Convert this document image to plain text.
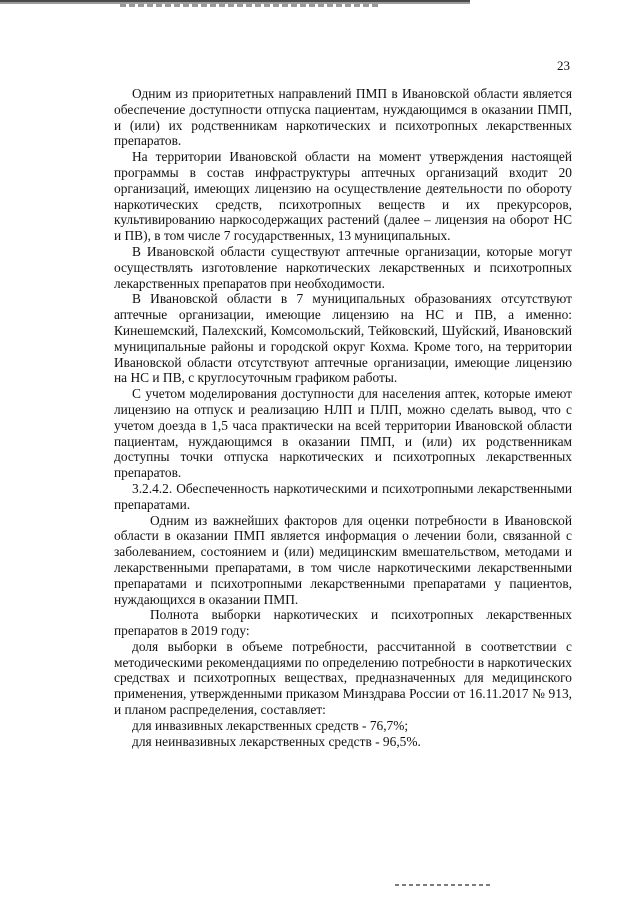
23

Одним из приоритетных направлений ПМП в Ивановской области является обеспечение доступности отпуска пациентам, нуждающимся в оказании ПМП, и (или) их родственникам наркотических и психотропных лекарственных препаратов.

На территории Ивановской области на момент утверждения настоящей программы в состав инфраструктуры аптечных организаций входит 20 организаций, имеющих лицензию на осуществление деятельности по обороту наркотических средств, психотропных веществ и их прекурсоров, культивированию наркосодержащих растений (далее – лицензия на оборот НС и ПВ), в том числе 7 государственных, 13 муниципальных.

В Ивановской области существуют аптечные организации, которые могут осуществлять изготовление наркотических лекарственных и психотропных лекарственных препаратов при необходимости.

В Ивановской области в 7 муниципальных образованиях отсутствуют аптечные организации, имеющие лицензию на НС и ПВ, а именно: Кинешемский, Палехский, Комсомольский, Тейковский, Шуйский, Ивановский муниципальные районы и городской округ Кохма. Кроме того, на территории Ивановской области отсутствуют аптечные организации, имеющие лицензию на НС и ПВ, с круглосуточным графиком работы.

С учетом моделирования доступности для населения аптек, которые имеют лицензию на отпуск и реализацию НЛП и ПЛП, можно сделать вывод, что с учетом доезда в 1,5 часа практически на всей территории Ивановской области пациентам, нуждающимся в оказании ПМП, и (или) их родственникам доступны точки отпуска наркотических и психотропных лекарственных препаратов.

3.2.4.2. Обеспеченность наркотическими и психотропными лекарственными препаратами.

Одним из важнейших факторов для оценки потребности в Ивановской области в оказании ПМП является информация о лечении боли, связанной с заболеванием, состоянием и (или) медицинским вмешательством, методами и лекарственными препаратами, в том числе наркотическими лекарственными препаратами и психотропными лекарственными препаратами у пациентов, нуждающихся в оказании ПМП.

Полнота выборки наркотических и психотропных лекарственных препаратов в 2019 году:

доля выборки в объеме потребности, рассчитанной в соответствии с методическими рекомендациями по определению потребности в наркотических средствах и психотропных веществах, предназначенных для медицинского применения, утвержденными приказом Минздрава России от 16.11.2017 № 913, и планом распределения, составляет:

для инвазивных лекарственных средств - 76,7%;

для неинвазивных лекарственных средств - 96,5%.
